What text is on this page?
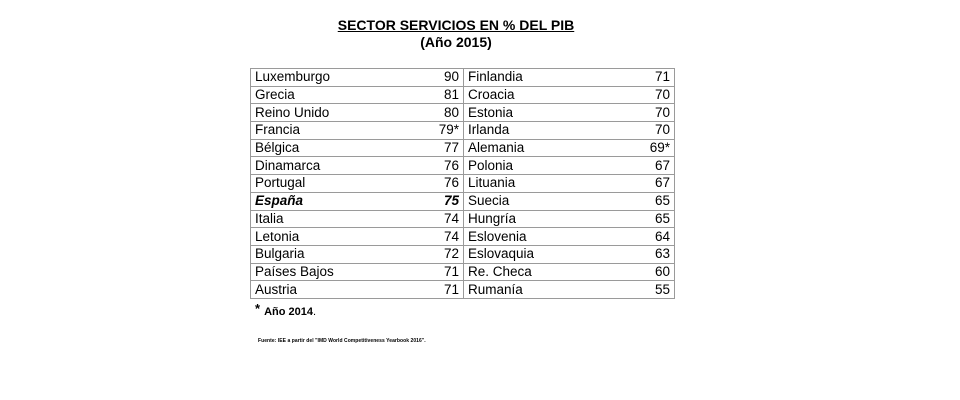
SECTOR SERVICIOS EN % DEL PIB
(Año 2015)
Luxemburgo	90	Finlandia	71
Grecia	81	Croacia	70
Reino Unido	80	Estonia	70
Francia	79*	Irlanda	70
Bélgica	77	Alemania	69*
Dinamarca	76	Polonia	67
Portugal	76	Lituania	67
España	75	Suecia	65
Italia	74	Hungría	65
Letonia	74	Eslovenia	64
Bulgaria	72	Eslovaquia	63
Países Bajos	71	Re. Checa	60
Austria	71	Rumanía	55
* Año 2014.
Fuente: IEE a partir del "IMD World Competitiveness Yearbook 2016".
